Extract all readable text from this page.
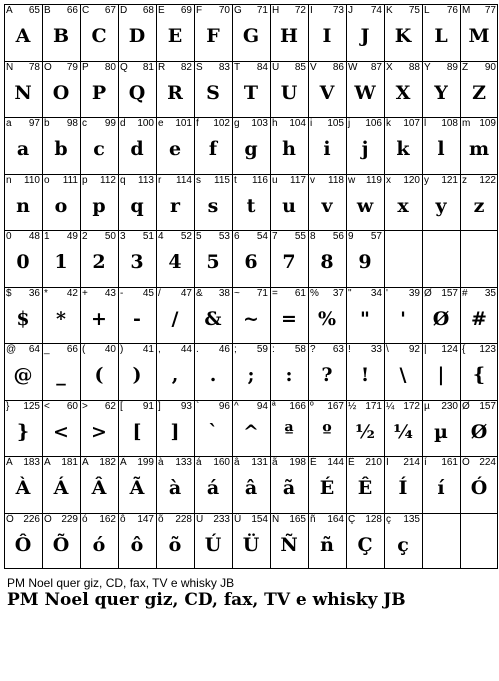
A 65
A
B 66
B
C 67
C
D 68
D
E 69
E
F 70
F
G 71
G
H 72
H
I 73
I
J 74
J
K 75
K
L 76
L
M 77
M
N 78
N
O 79
O
P 80
P
Q 81
Q
R 82
R
S 83
S
T 84
T
U 85
U
V 86
V
W 87
W
X 88
X
Y 89
Y
Z 90
Z
a 97
a
b 98
b
c 99
c
d 100
d
e 101
e
f 102
f
g 103
g
h 104
h
i 105
i
j 106
j
k 107
k
l 108
l
m 109
m
n 110
n
o 111
o
p 112
p
q 113
q
r 114
r
s 115
s
t 116
t
u 117
u
v 118
v
w 119
w
x 120
x
y 121
y
z 122
z
0 48
0
1 49
1
2 50
2
3 51
3
4 52
4
5 53
5
6 54
6
7 55
7
8 56
8
9 57
9
$ 36
$
* 42
*
+ 43
+
- 45
-
/ 47
/
& 38
&
~ 71
~
= 61
=
% 37
%
" 34
"
' 39
'
Ø 157
Ø
# 35
#
@ 64
@
_ 66
_
( 40
(
) 41
)
, 44
,
. 46
.
; 59
;
: 58
:
? 63
?
! 33
!
\ 92
\
| 124
|
{ 123
{
} 125
}
< 60
<
> 62
>
[ 91
[
] 93
]
` 96
`
^ 94
^
ª 166
ª
º 167
º
½ 171
½
¼ 172
¼
µ 230
µ
Ø 157
Ø
À 183
À
Á 181
Á
Â 182
Â
Ã 199
Ã
à 133
à
á 160
á
â 131
â
ã 198
ã
É 144
É
Ê 210
Ê
Í 214
Í
í 161
í
Ó 224
Ó
Ô 226
Ô
Õ 229
Õ
ó 162
ó
ô 147
ô
õ 228
õ
Ú 233
Ú
Ü 154
Ü
Ñ 165
Ñ
ñ 164
ñ
Ç 128
Ç
ç 135
ç
PM Noel quer giz, CD, fax, TV e whisky JB
PM Noel quer giz, CD, fax, TV e whisky JB
